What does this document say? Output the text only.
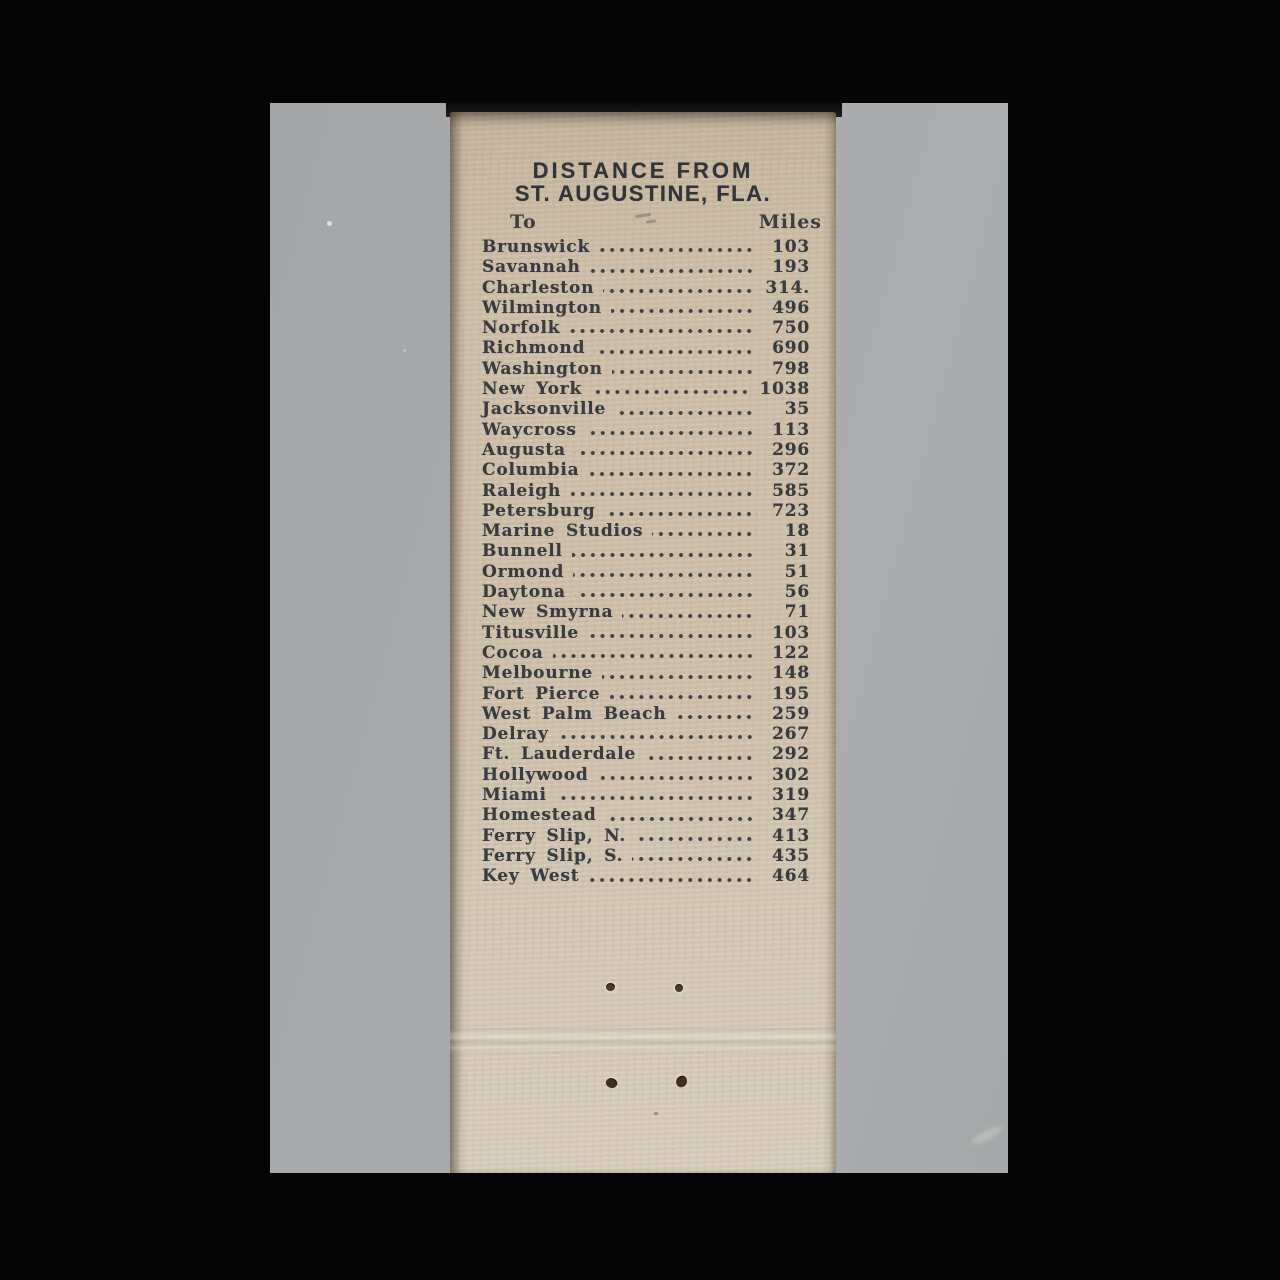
DISTANCE FROM
ST. AUGUSTINE, FLA.
To	Miles
Brunswick	103
Savannah	193
Charleston	314.
Wilmington	496
Norfolk	750
Richmond	690
Washington	798
New York	1038
Jacksonville	35
Waycross	113
Augusta	296
Columbia	372
Raleigh	585
Petersburg	723
Marine Studios	18
Bunnell	31
Ormond	51
Daytona	56
New Smyrna	71
Titusville	103
Cocoa	122
Melbourne	148
Fort Pierce	195
West Palm Beach	259
Delray	267
Ft. Lauderdale	292
Hollywood	302
Miami	319
Homestead	347
Ferry Slip, N.	413
Ferry Slip, S.	435
Key West	464
